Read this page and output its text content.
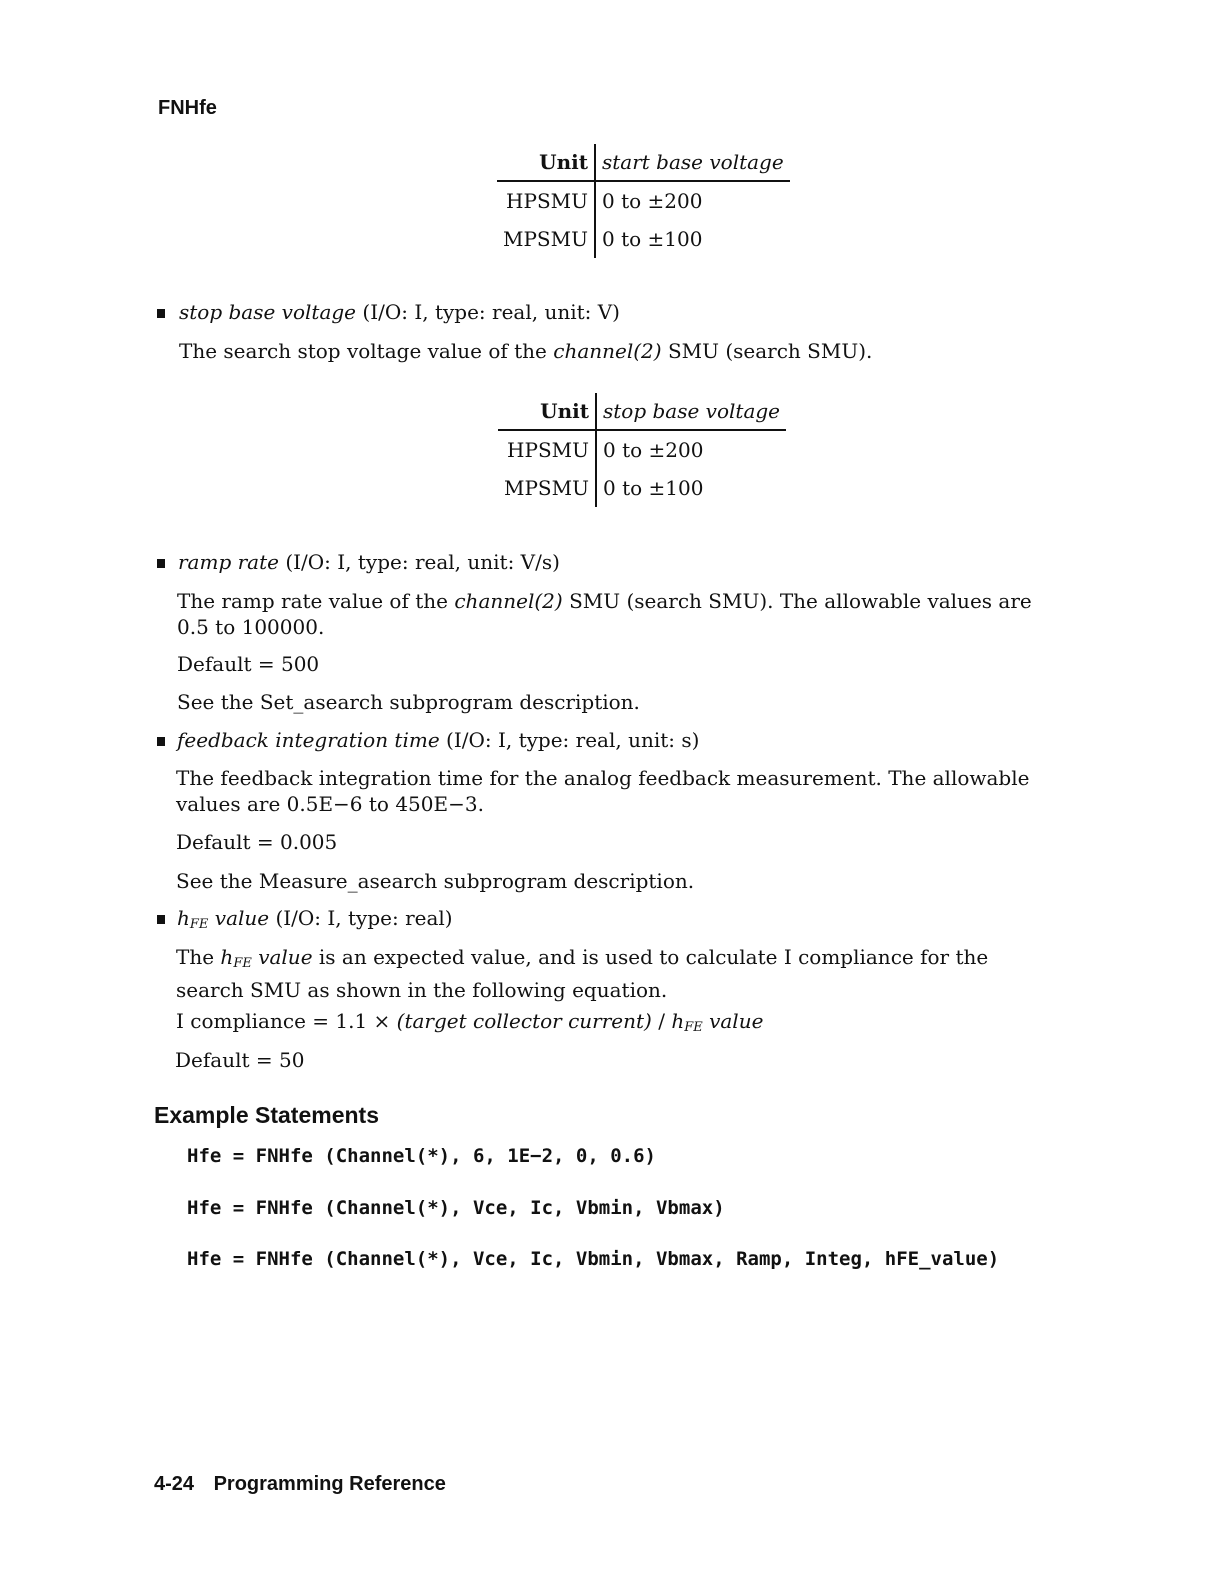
FNHfe
Unit	start base voltage
HPSMU	0 to ±200
MPSMU	0 to ±100
stop base voltage (I/O: I, type: real, unit: V)
The search stop voltage value of the channel(2) SMU (search SMU).
Unit	stop base voltage
HPSMU	0 to ±200
MPSMU	0 to ±100
ramp rate (I/O: I, type: real, unit: V/s)
The ramp rate value of the channel(2) SMU (search SMU). The allowable values are 0.5 to 100000.
Default = 500
See the Set_asearch subprogram description.
feedback integration time (I/O: I, type: real, unit: s)
The feedback integration time for the analog feedback measurement. The allowable values are 0.5E−6 to 450E−3.
Default = 0.005
See the Measure_asearch subprogram description.
$h_{FE}$ value (I/O: I, type: real)
The $h_{FE}$ value is an expected value, and is used to calculate I compliance for the search SMU as shown in the following equation.
I compliance = 1.1 × (target collector current) / $h_{FE}$ value
Default = 50
Example Statements
Hfe = FNHfe (Channel(*), 6, 1E−2, 0, 0.6)
Hfe = FNHfe (Channel(*), Vce, Ic, Vbmin, Vbmax)
Hfe = FNHfe (Channel(*), Vce, Ic, Vbmin, Vbmax, Ramp, Integ, hFE_value)
4-24 Programming Reference
